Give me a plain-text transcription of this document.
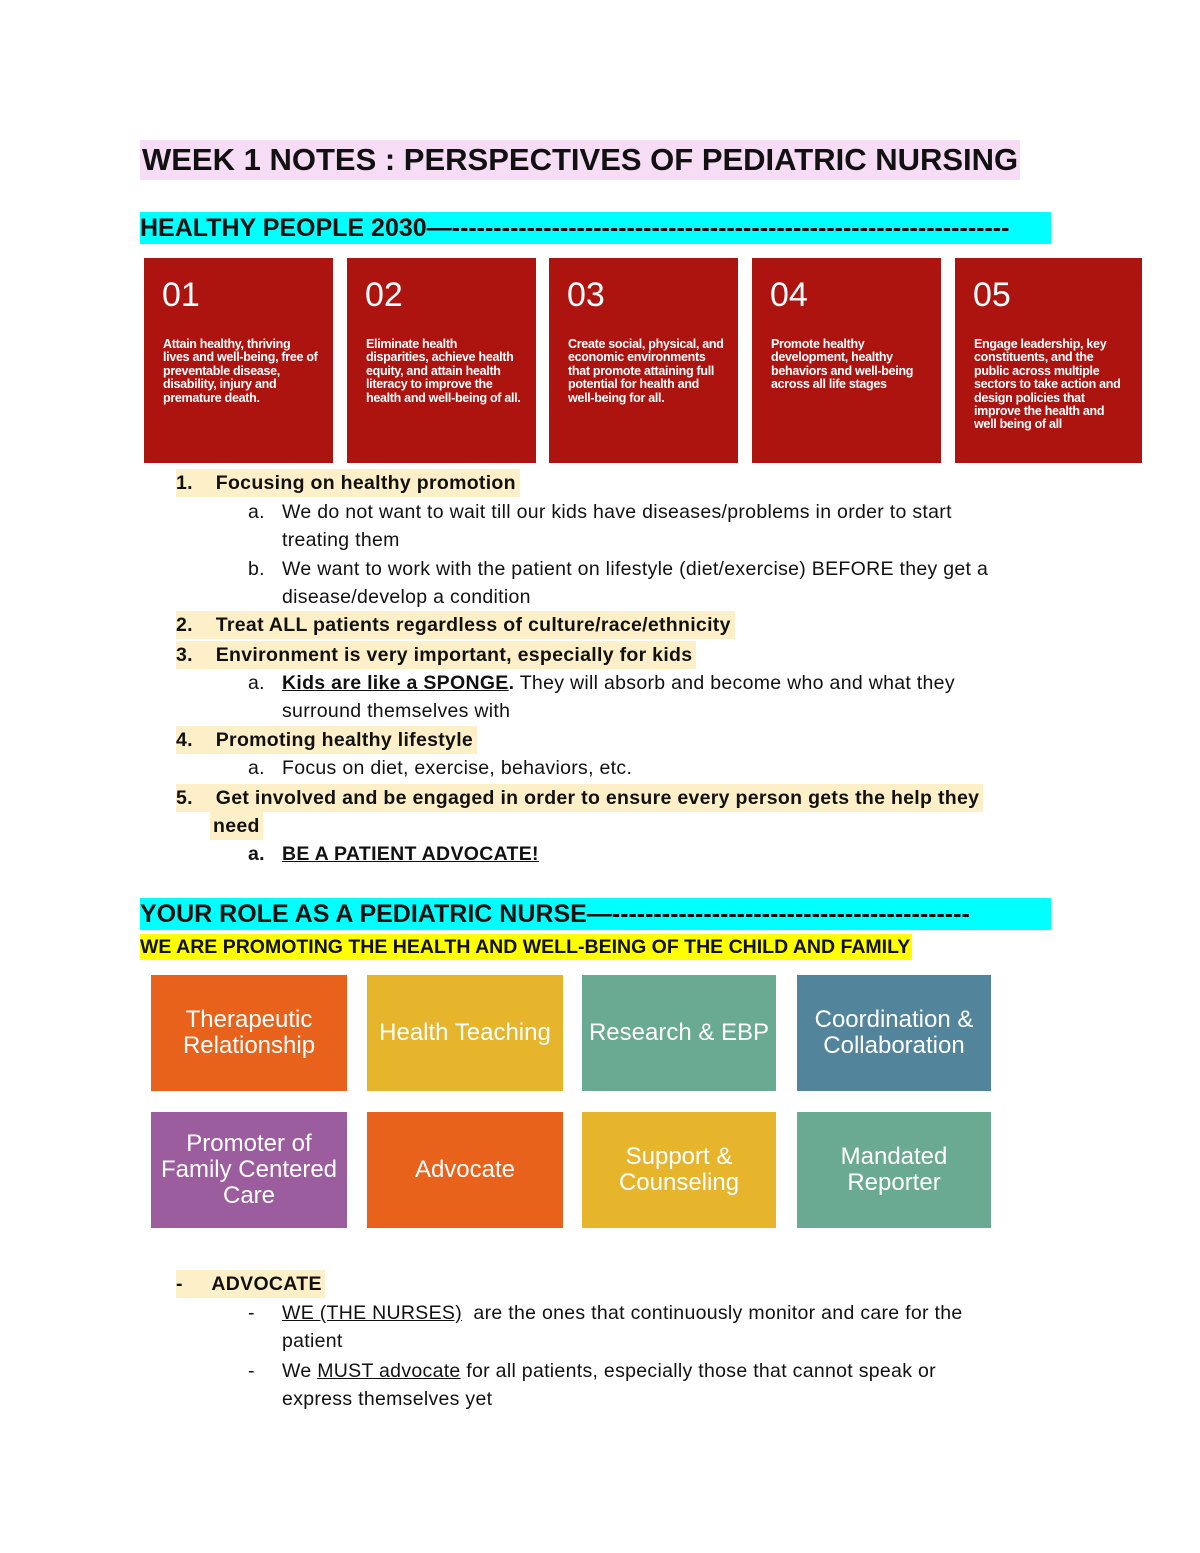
WEEK 1 NOTES : PERSPECTIVES OF PEDIATRIC NURSING
HEALTHY PEOPLE 2030—-------------------------------------------------------------------
01
Attain healthy, thriving lives and well-being, free of preventable disease, disability, injury and premature death.
02
Eliminate health disparities, achieve health equity, and attain health literacy to improve the health and well-being of all.
03
Create social, physical, and economic environments that promote attaining full potential for health and well-being for all.
04
Promote healthy development, healthy behaviors and well-being across all life stages
05
Engage leadership, key constituents, and the public across multiple sectors to take action and design policies that improve the health and well being of all
1. Focusing on healthy promotion
a. We do not want to wait till our kids have diseases/problems in order to start
treating them
b. We want to work with the patient on lifestyle (diet/exercise) BEFORE they get a
disease/develop a condition
2. Treat ALL patients regardless of culture/race/ethnicity
3. Environment is very important, especially for kids
a. Kids are like a SPONGE. They will absorb and become who and what they
surround themselves with
4. Promoting healthy lifestyle
a. Focus on diet, exercise, behaviors, etc.
5. Get involved and be engaged in order to ensure every person gets the help they
need
a. BE A PATIENT ADVOCATE!
YOUR ROLE AS A PEDIATRIC NURSE—-------------------------------------------
WE ARE PROMOTING THE HEALTH AND WELL-BEING OF THE CHILD AND FAMILY
Therapeutic Relationship	Health Teaching	Research & EBP	Coordination & Collaboration
Promoter of Family Centered Care
Advocate	Support & Counseling
Mandated Reporter
- ADVOCATE
- WE (THE NURSES)  are the ones that continuously monitor and care for the
patient
- We MUST advocate for all patients, especially those that cannot speak or
express themselves yet
